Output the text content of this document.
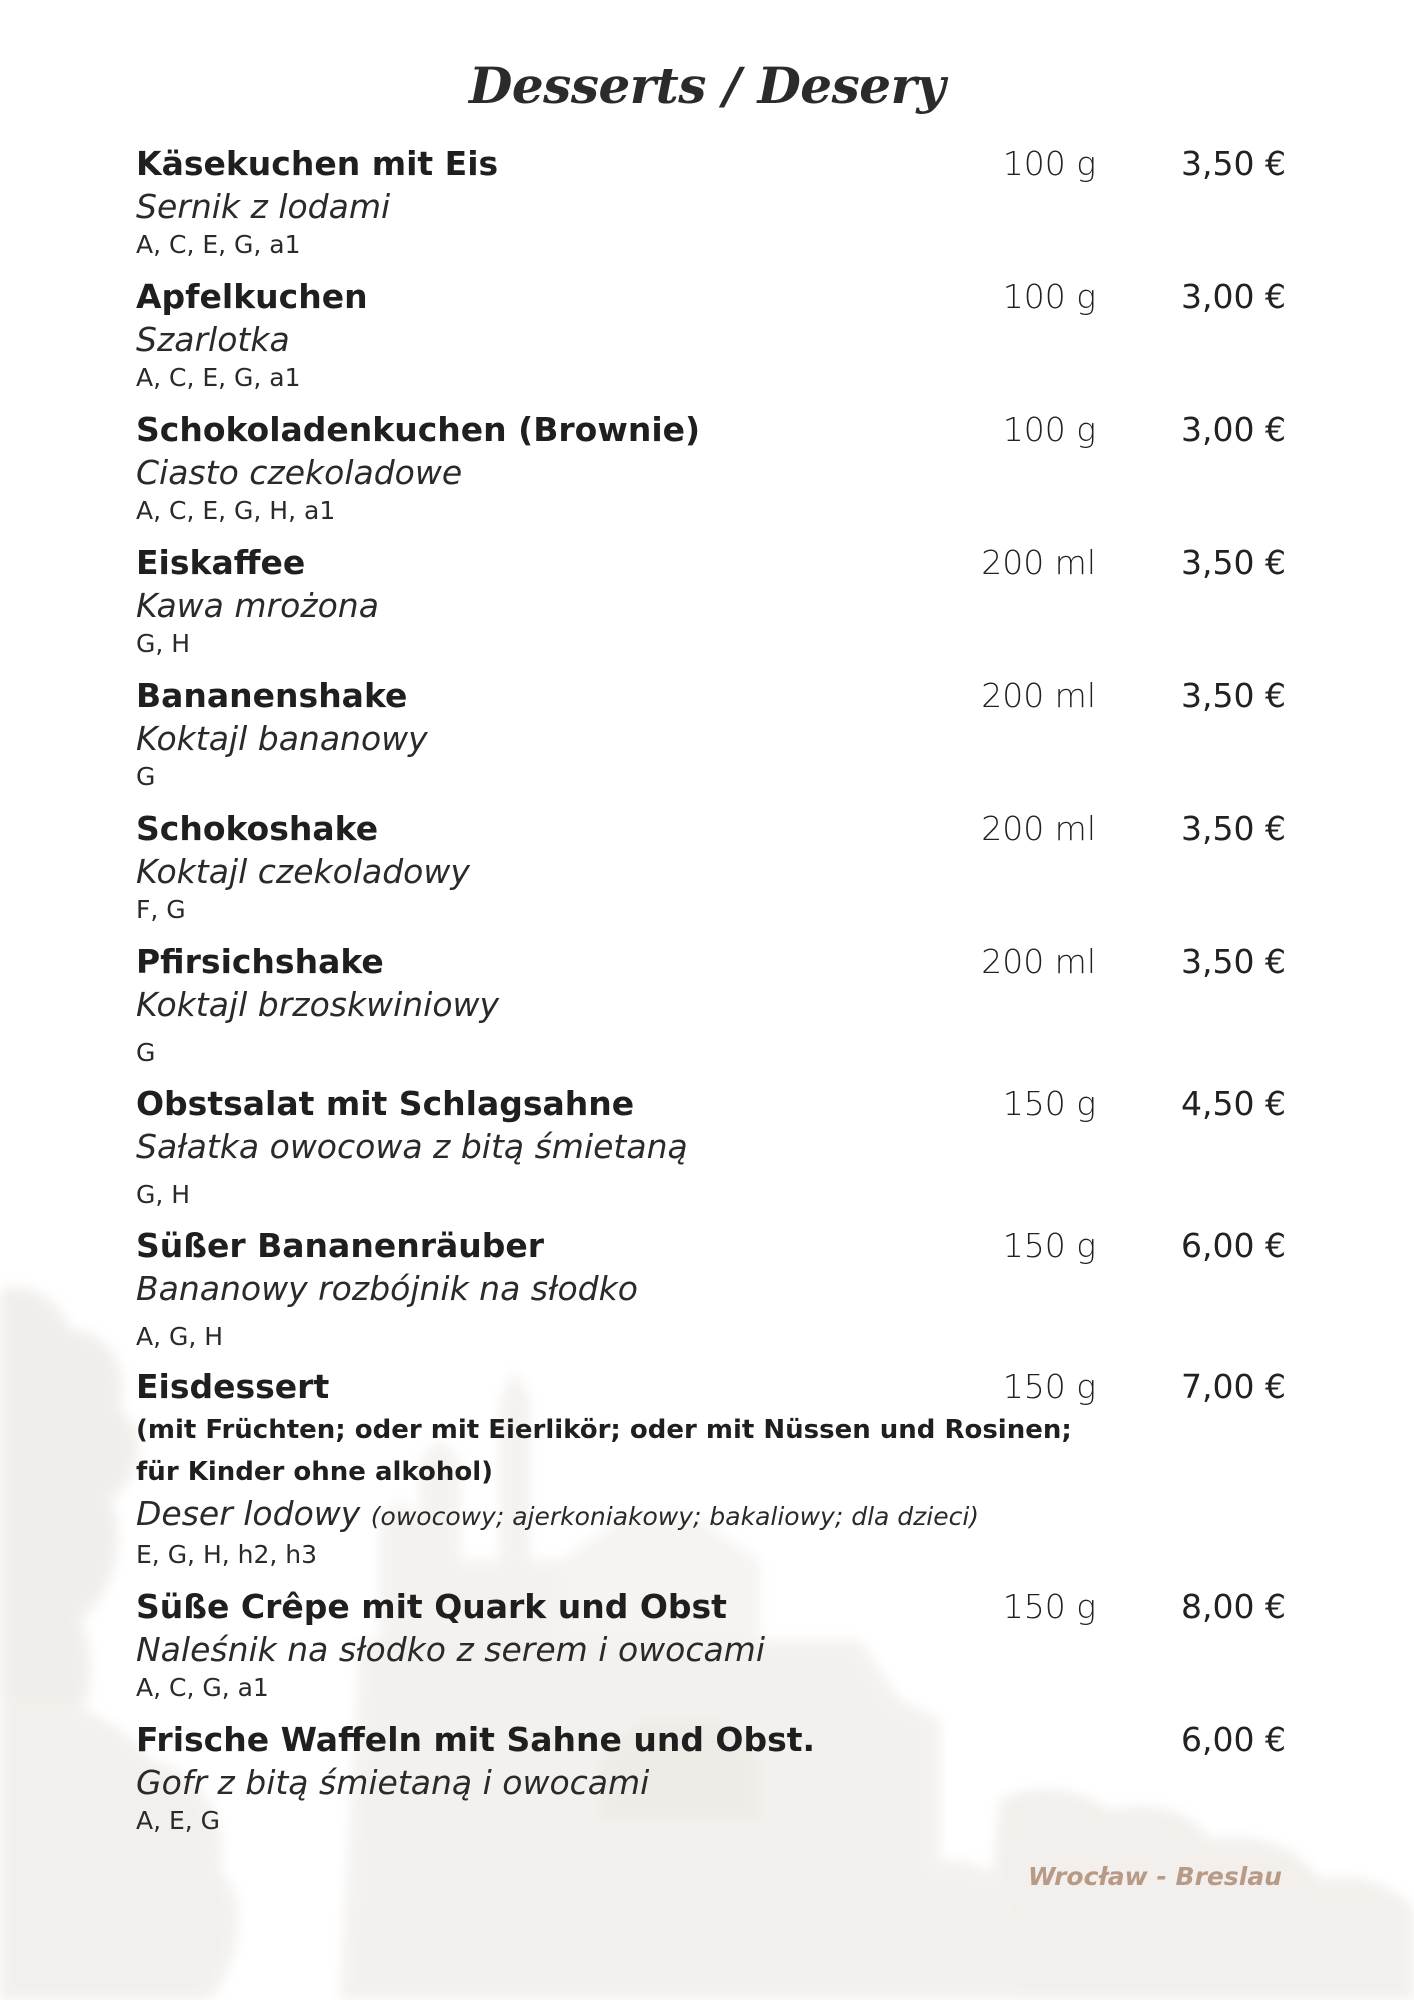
Desserts / Desery
Käsekuchen mit Eis	100 g	3,50 €
Sernik z lodami
A, C, E, G, a1
Apfelkuchen	100 g	3,00 €
Szarlotka
A, C, E, G, a1
Schokoladenkuchen (Brownie)	100 g	3,00 €
Ciasto czekoladowe
A, C, E, G, H, a1
Eiskaffee	200 ml	3,50 €
Kawa mrożona
G, H
Bananenshake	200 ml	3,50 €
Koktajl bananowy
G
Schokoshake	200 ml	3,50 €
Koktajl czekoladowy
F, G
Pfirsichshake	200 ml	3,50 €
Koktajl brzoskwiniowy
G
Obstsalat mit Schlagsahne	150 g	4,50 €
Sałatka owocowa z bitą śmietaną
G, H
Süßer Bananenräuber	150 g	6,00 €
Bananowy rozbójnik na słodko
A, G, H
Eisdessert	150 g	7,00 €
(mit Früchten; oder mit Eierlikör; oder mit Nüssen und Rosinen;
für Kinder ohne alkohol)
Deser lodowy (owocowy; ajerkoniakowy; bakaliowy; dla dzieci)
E, G, H, h2, h3
Süße Crêpe mit Quark und Obst	150 g	8,00 €
Naleśnik na słodko z serem i owocami
A, C, G, a1
Frische Waffeln mit Sahne und Obst.	6,00 €
Gofr z bitą śmietaną i owocami
A, E, G
Wrocław - Breslau
